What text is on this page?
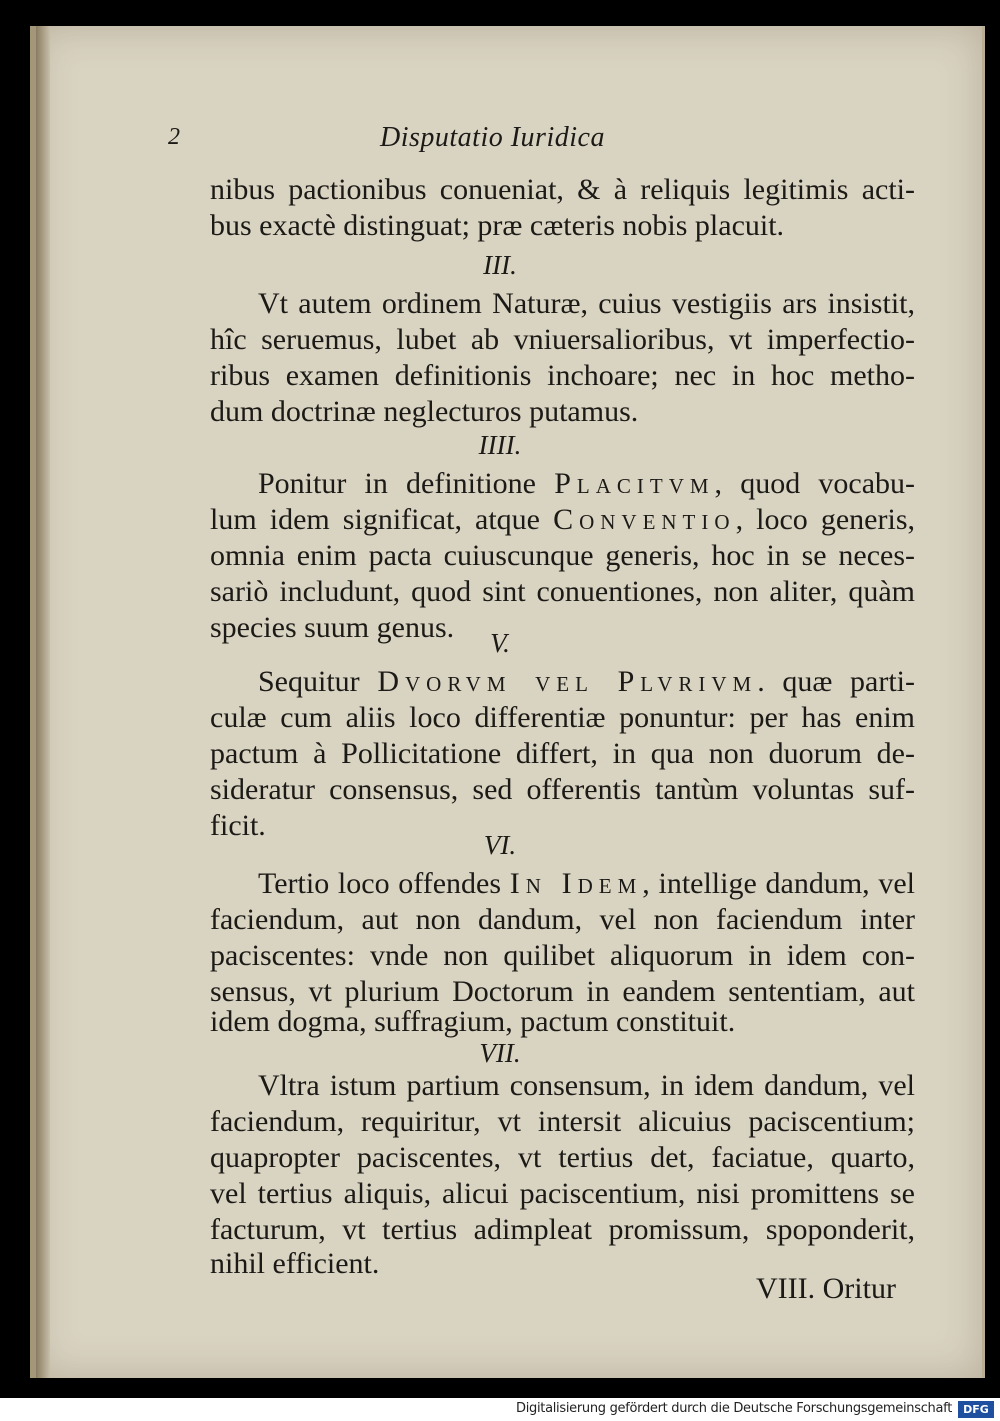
2	Disputatio Iuridica
nibus pactionibus conueniat, & à reliquis legitimis acti-
bus exactè distinguat; præ cæteris nobis placuit.
III.
Vt autem ordinem Naturæ, cuius vestigiis ars insistit,
hîc seruemus, lubet ab vniuersalioribus, vt imperfectio-
ribus examen definitionis inchoare; nec in hoc metho-
dum doctrinæ neglecturos putamus.
IIII.
Ponitur in definitione Placitvm, quod vocabu-
lum idem significat, atque Conventio, loco generis,
omnia enim pacta cuiuscunque generis, hoc in se neces-
sariò includunt, quod sint conuentiones, non aliter, quàm
species suum genus.	V.
Sequitur Dvorvm vel Plvrivm. quæ parti-
culæ cum aliis loco differentiæ ponuntur: per has enim
pactum à Pollicitatione differt, in qua non duorum de-
sideratur consensus, sed offerentis tantùm voluntas suf-
ficit.
VI.
Tertio loco offendes In Idem, intellige dandum, vel
faciendum, aut non dandum, vel non faciendum inter
paciscentes: vnde non quilibet aliquorum in idem con-
sensus, vt plurium Doctorum in eandem sententiam, aut
idem dogma, suffragium, pactum constituit.
VII.
Vltra istum partium consensum, in idem dandum, vel
faciendum, requiritur, vt intersit alicuius paciscentium;
quapropter paciscentes, vt tertius det, faciatue, quarto,
vel tertius aliquis, alicui paciscentium, nisi promittens se
facturum, vt tertius adimpleat promissum, spoponderit,
nihil efficient.
VIII. Oritur
Digitalisierung gefördert durch die Deutsche Forschungsgemeinschaft	DFG
